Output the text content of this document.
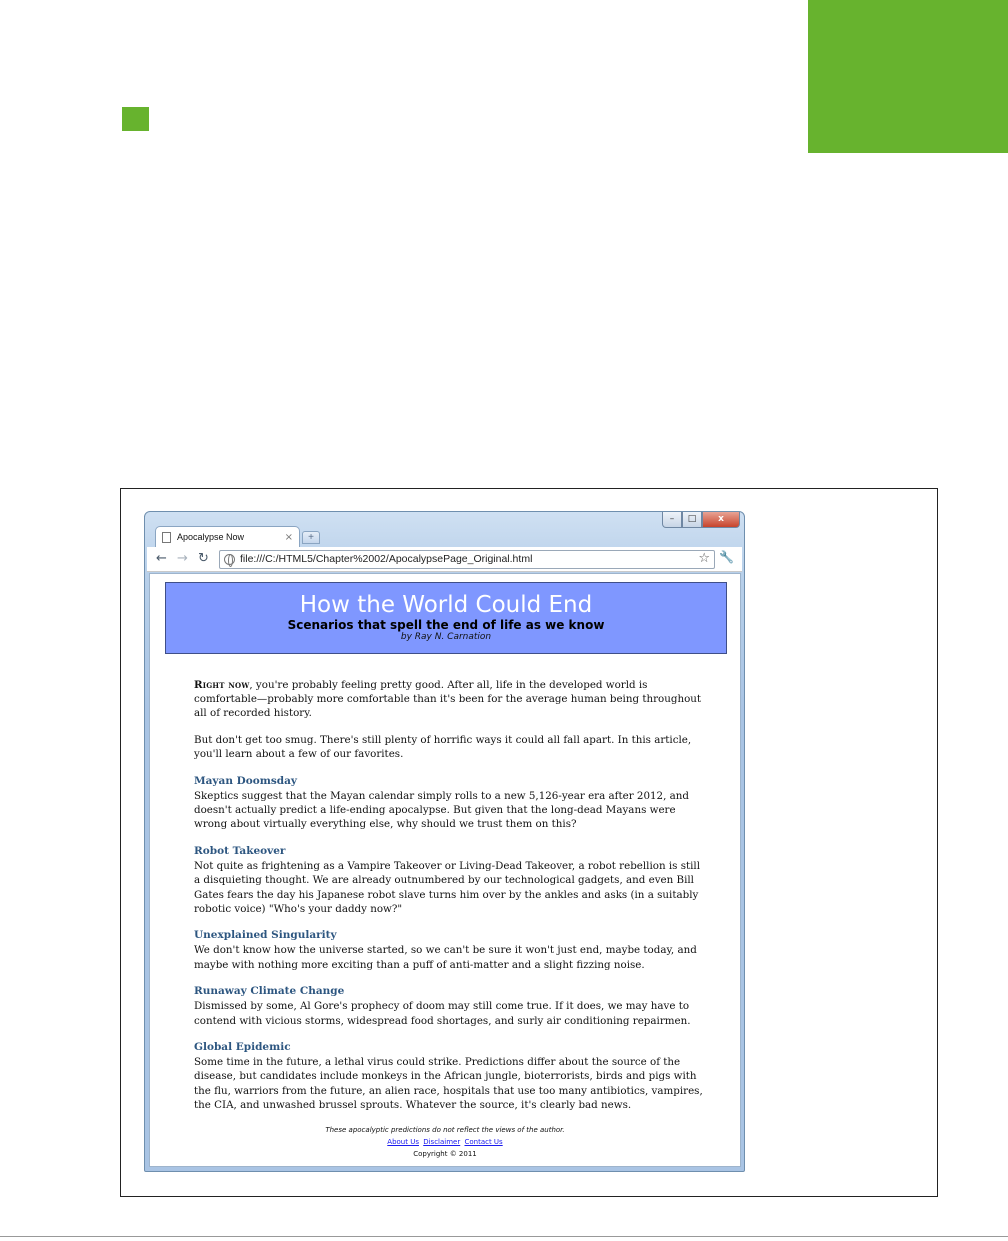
–	□	x
Apocalypse Now	×	+
← → ↻	file:///C:/HTML5/Chapter%2002/ApocalypsePage_Original.html	☆ 🔧
How the World Could End
Scenarios that spell the end of life as we know
by Ray N. Carnation

Right now, you're probably feeling pretty good. After all, life in the developed world is comfortable—probably more comfortable than it's been for the average human being throughout all of recorded history.

But don't get too smug. There's still plenty of horrific ways it could all fall apart. In this article, you'll learn about a few of our favorites.

Mayan Doomsday

Skeptics suggest that the Mayan calendar simply rolls to a new 5,126-year era after 2012, and doesn't actually predict a life-ending apocalypse. But given that the long-dead Mayans were wrong about virtually everything else, why should we trust them on this?

Robot Takeover

Not quite as frightening as a Vampire Takeover or Living-Dead Takeover, a robot rebellion is still a disquieting thought. We are already outnumbered by our technological gadgets, and even Bill Gates fears the day his Japanese robot slave turns him over by the ankles and asks (in a suitably robotic voice) "Who's your daddy now?"

Unexplained Singularity

We don't know how the universe started, so we can't be sure it won't just end, maybe today, and maybe with nothing more exciting than a puff of anti-matter and a slight fizzing noise.

Runaway Climate Change

Dismissed by some, Al Gore's prophecy of doom may still come true. If it does, we may have to contend with vicious storms, widespread food shortages, and surly air conditioning repairmen.

Global Epidemic

Some time in the future, a lethal virus could strike. Predictions differ about the source of the disease, but candidates include monkeys in the African jungle, bioterrorists, birds and pigs with the flu, warriors from the future, an alien race, hospitals that use too many antibiotics, vampires, the CIA, and unwashed brussel sprouts. Whatever the source, it's clearly bad news.

These apocalyptic predictions do not reflect the views of the author.
About Us Disclaimer Contact Us
Copyright © 2011
